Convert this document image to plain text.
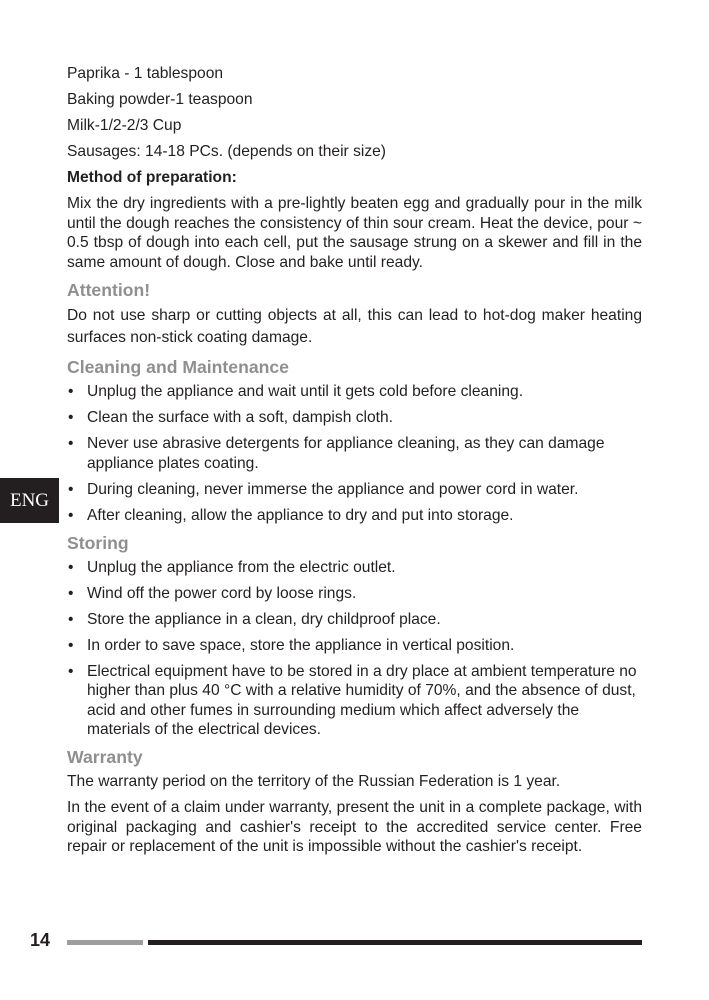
Paprika - 1 tablespoon

Baking powder-1 teaspoon

Milk-1/2-2/3 Cup

Sausages: 14-18 PCs. (depends on their size)

Method of preparation:

Mix the dry ingredients with a pre-lightly beaten egg and gradually pour in the milk until the dough reaches the consistency of thin sour cream. Heat the device, pour ~ 0.5 tbsp of dough into each cell, put the sausage strung on a skewer and fill in the same amount of dough. Close and bake until ready.

Attention!

Do not use sharp or cutting objects at all, this can lead to hot-dog maker heating surfaces non-stick coating damage.

Cleaning and Maintenance
• Unplug the appliance and wait until it gets cold before cleaning.
• Clean the surface with a soft, dampish cloth.
• Never use abrasive detergents for appliance cleaning, as they can damage appliance plates coating.
• During cleaning, never immerse the appliance and power cord in water.
• After cleaning, allow the appliance to dry and put into storage.
Storing
• Unplug the appliance from the electric outlet.
• Wind off the power cord by loose rings.
• Store the appliance in a clean, dry childproof place.
• In order to save space, store the appliance in vertical position.
• Electrical equipment have to be stored in a dry place at ambient temperature no higher than plus 40 °C with a relative humidity of 70%, and the absence of dust, acid and other fumes in surrounding medium which affect adversely the materials of the electrical devices.
Warranty

The warranty period on the territory of the Russian Federation is 1 year.

In the event of a claim under warranty, present the unit in a complete package, with original packaging and cashier's receipt to the accredited service center. Free repair or replacement of the unit is impossible without the cashier's receipt.

ENG
14
